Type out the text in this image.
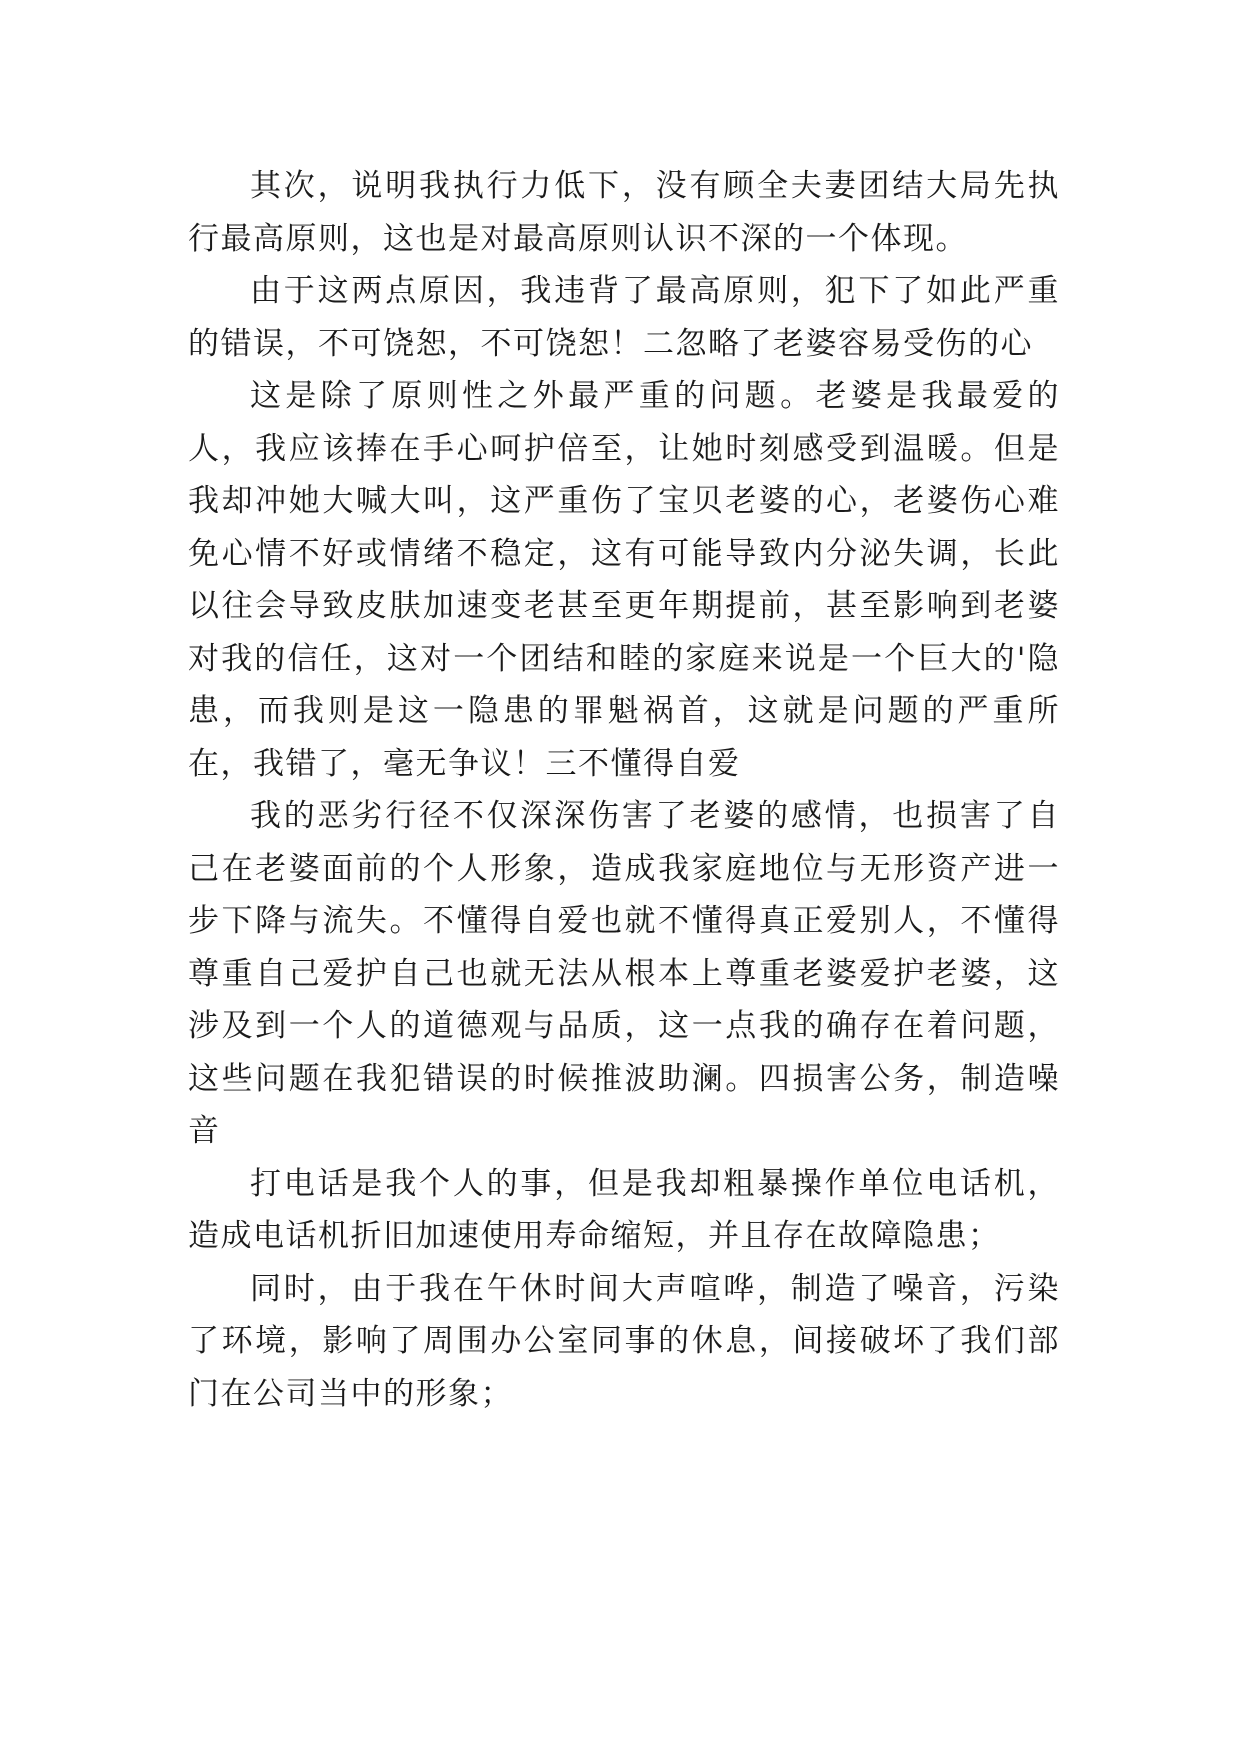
其次，说明我执行力低下，没有顾全夫妻团结大局先执行最高原则，这也是对最高原则认识不深的一个体现。

由于这两点原因，我违背了最高原则，犯下了如此严重的错误，不可饶恕，不可饶恕！二忽略了老婆容易受伤的心

这是除了原则性之外最严重的问题。老婆是我最爱的人，我应该捧在手心呵护倍至，让她时刻感受到温暖。但是我却冲她大喊大叫，这严重伤了宝贝老婆的心，老婆伤心难免心情不好或情绪不稳定，这有可能导致内分泌失调，长此以往会导致皮肤加速变老甚至更年期提前，甚至影响到老婆对我的信任，这对一个团结和睦的家庭来说是一个巨大的'隐患，而我则是这一隐患的罪魁祸首，这就是问题的严重所在，我错了，毫无争议！三不懂得自爱

我的恶劣行径不仅深深伤害了老婆的感情，也损害了自己在老婆面前的个人形象，造成我家庭地位与无形资产进一步下降与流失。不懂得自爱也就不懂得真正爱别人，不懂得尊重自己爱护自己也就无法从根本上尊重老婆爱护老婆，这涉及到一个人的道德观与品质，这一点我的确存在着问题，这些问题在我犯错误的时候推波助澜。四损害公务，制造噪音

打电话是我个人的事，但是我却粗暴操作单位电话机，造成电话机折旧加速使用寿命缩短，并且存在故障隐患；

同时，由于我在午休时间大声喧哗，制造了噪音，污染了环境，影响了周围办公室同事的休息，间接破坏了我们部门在公司当中的形象；
